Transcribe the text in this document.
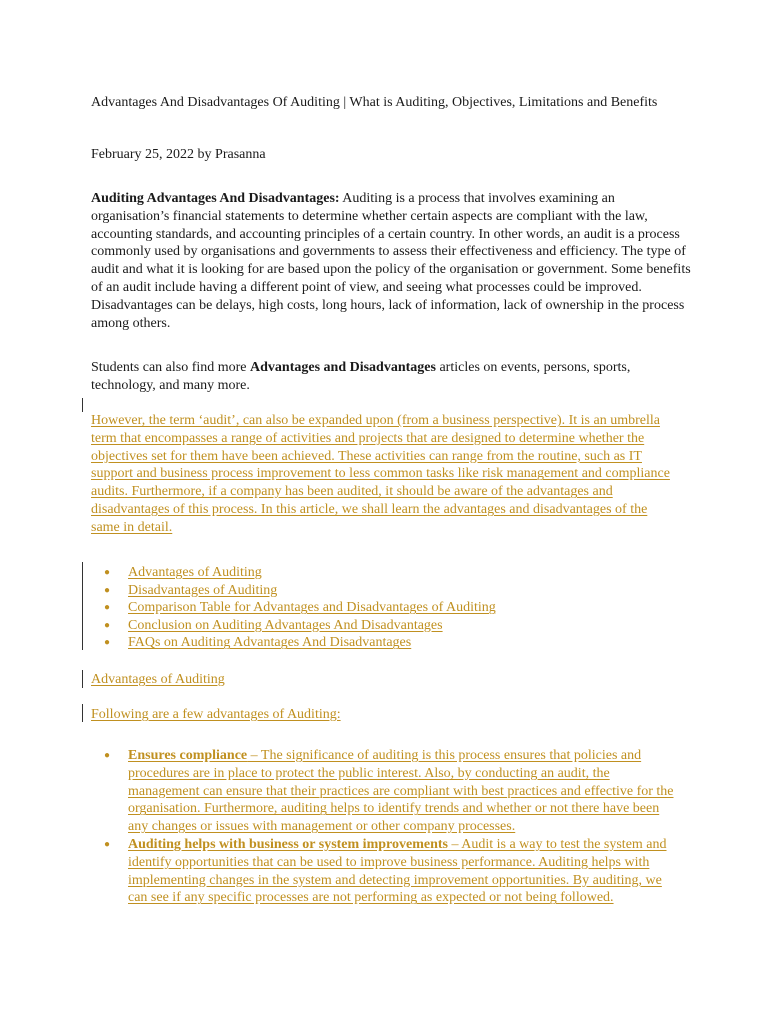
Advantages And Disadvantages Of Auditing | What is Auditing, Objectives, Limitations and Benefits

February 25, 2022 by Prasanna

Auditing Advantages And Disadvantages: Auditing is a process that involves examining an organisation’s financial statements to determine whether certain aspects are compliant with the law, accounting standards, and accounting principles of a certain country. In other words, an audit is a process commonly used by organisations and governments to assess their effectiveness and efficiency. The type of audit and what it is looking for are based upon the policy of the organisation or government. Some benefits of an audit include having a different point of view, and seeing what processes could be improved. Disadvantages can be delays, high costs, long hours, lack of information, lack of ownership in the process among others.

Students can also find more Advantages and Disadvantages articles on events, persons, sports, technology, and many more.

However, the term ‘audit’, can also be expanded upon (from a business perspective). It is an umbrella term that encompasses a range of activities and projects that are designed to determine whether the objectives set for them have been achieved. These activities can range from the routine, such as IT support and business process improvement to less common tasks like risk management and compliance audits. Furthermore, if a company has been audited, it should be aware of the advantages and disadvantages of this process. In this article, we shall learn the advantages and disadvantages of the same in detail.

● Advantages of Auditing
● Disadvantages of Auditing
● Comparison Table for Advantages and Disadvantages of Auditing
● Conclusion on Auditing Advantages And Disadvantages
● FAQs on Auditing Advantages And Disadvantages

Advantages of Auditing

Following are a few advantages of Auditing:

● Ensures compliance – The significance of auditing is this process ensures that policies and procedures are in place to protect the public interest. Also, by conducting an audit, the management can ensure that their practices are compliant with best practices and effective for the organisation. Furthermore, auditing helps to identify trends and whether or not there have been any changes or issues with management or other company processes.
● Auditing helps with business or system improvements – Audit is a way to test the system and identify opportunities that can be used to improve business performance. Auditing helps with implementing changes in the system and detecting improvement opportunities. By auditing, we can see if any specific processes are not performing as expected or not being followed.
